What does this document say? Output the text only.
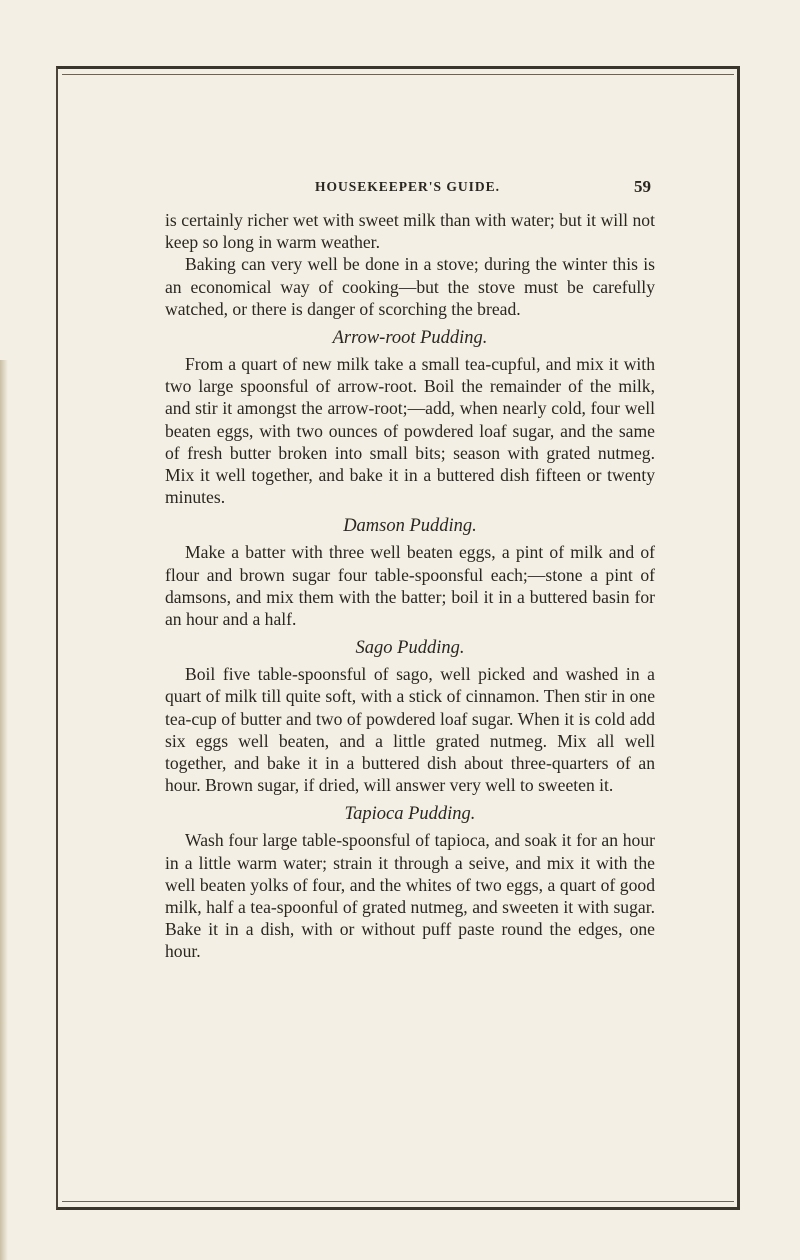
HOUSEKEEPER'S GUIDE.	59

is certainly richer wet with sweet milk than with water; but it will not keep so long in warm weather.

Baking can very well be done in a stove; during the winter this is an economical way of cooking—but the stove must be carefully watched, or there is danger of scorching the bread.

Arrow-root Pudding.

From a quart of new milk take a small tea-cupful, and mix it with two large spoonsful of arrow-root. Boil the remainder of the milk, and stir it amongst the arrow-root;—add, when nearly cold, four well beaten eggs, with two ounces of powdered loaf sugar, and the same of fresh butter broken into small bits; season with grated nutmeg. Mix it well together, and bake it in a buttered dish fifteen or twenty minutes.

Damson Pudding.

Make a batter with three well beaten eggs, a pint of milk and of flour and brown sugar four table-spoonsful each;—stone a pint of damsons, and mix them with the batter; boil it in a buttered basin for an hour and a half.

Sago Pudding.

Boil five table-spoonsful of sago, well picked and washed in a quart of milk till quite soft, with a stick of cinnamon. Then stir in one tea-cup of butter and two of powdered loaf sugar. When it is cold add six eggs well beaten, and a little grated nutmeg. Mix all well together, and bake it in a buttered dish about three-quarters of an hour. Brown sugar, if dried, will answer very well to sweeten it.

Tapioca Pudding.

Wash four large table-spoonsful of tapioca, and soak it for an hour in a little warm water; strain it through a seive, and mix it with the well beaten yolks of four, and the whites of two eggs, a quart of good milk, half a tea-spoonful of grated nutmeg, and sweeten it with sugar. Bake it in a dish, with or without puff paste round the edges, one hour.
